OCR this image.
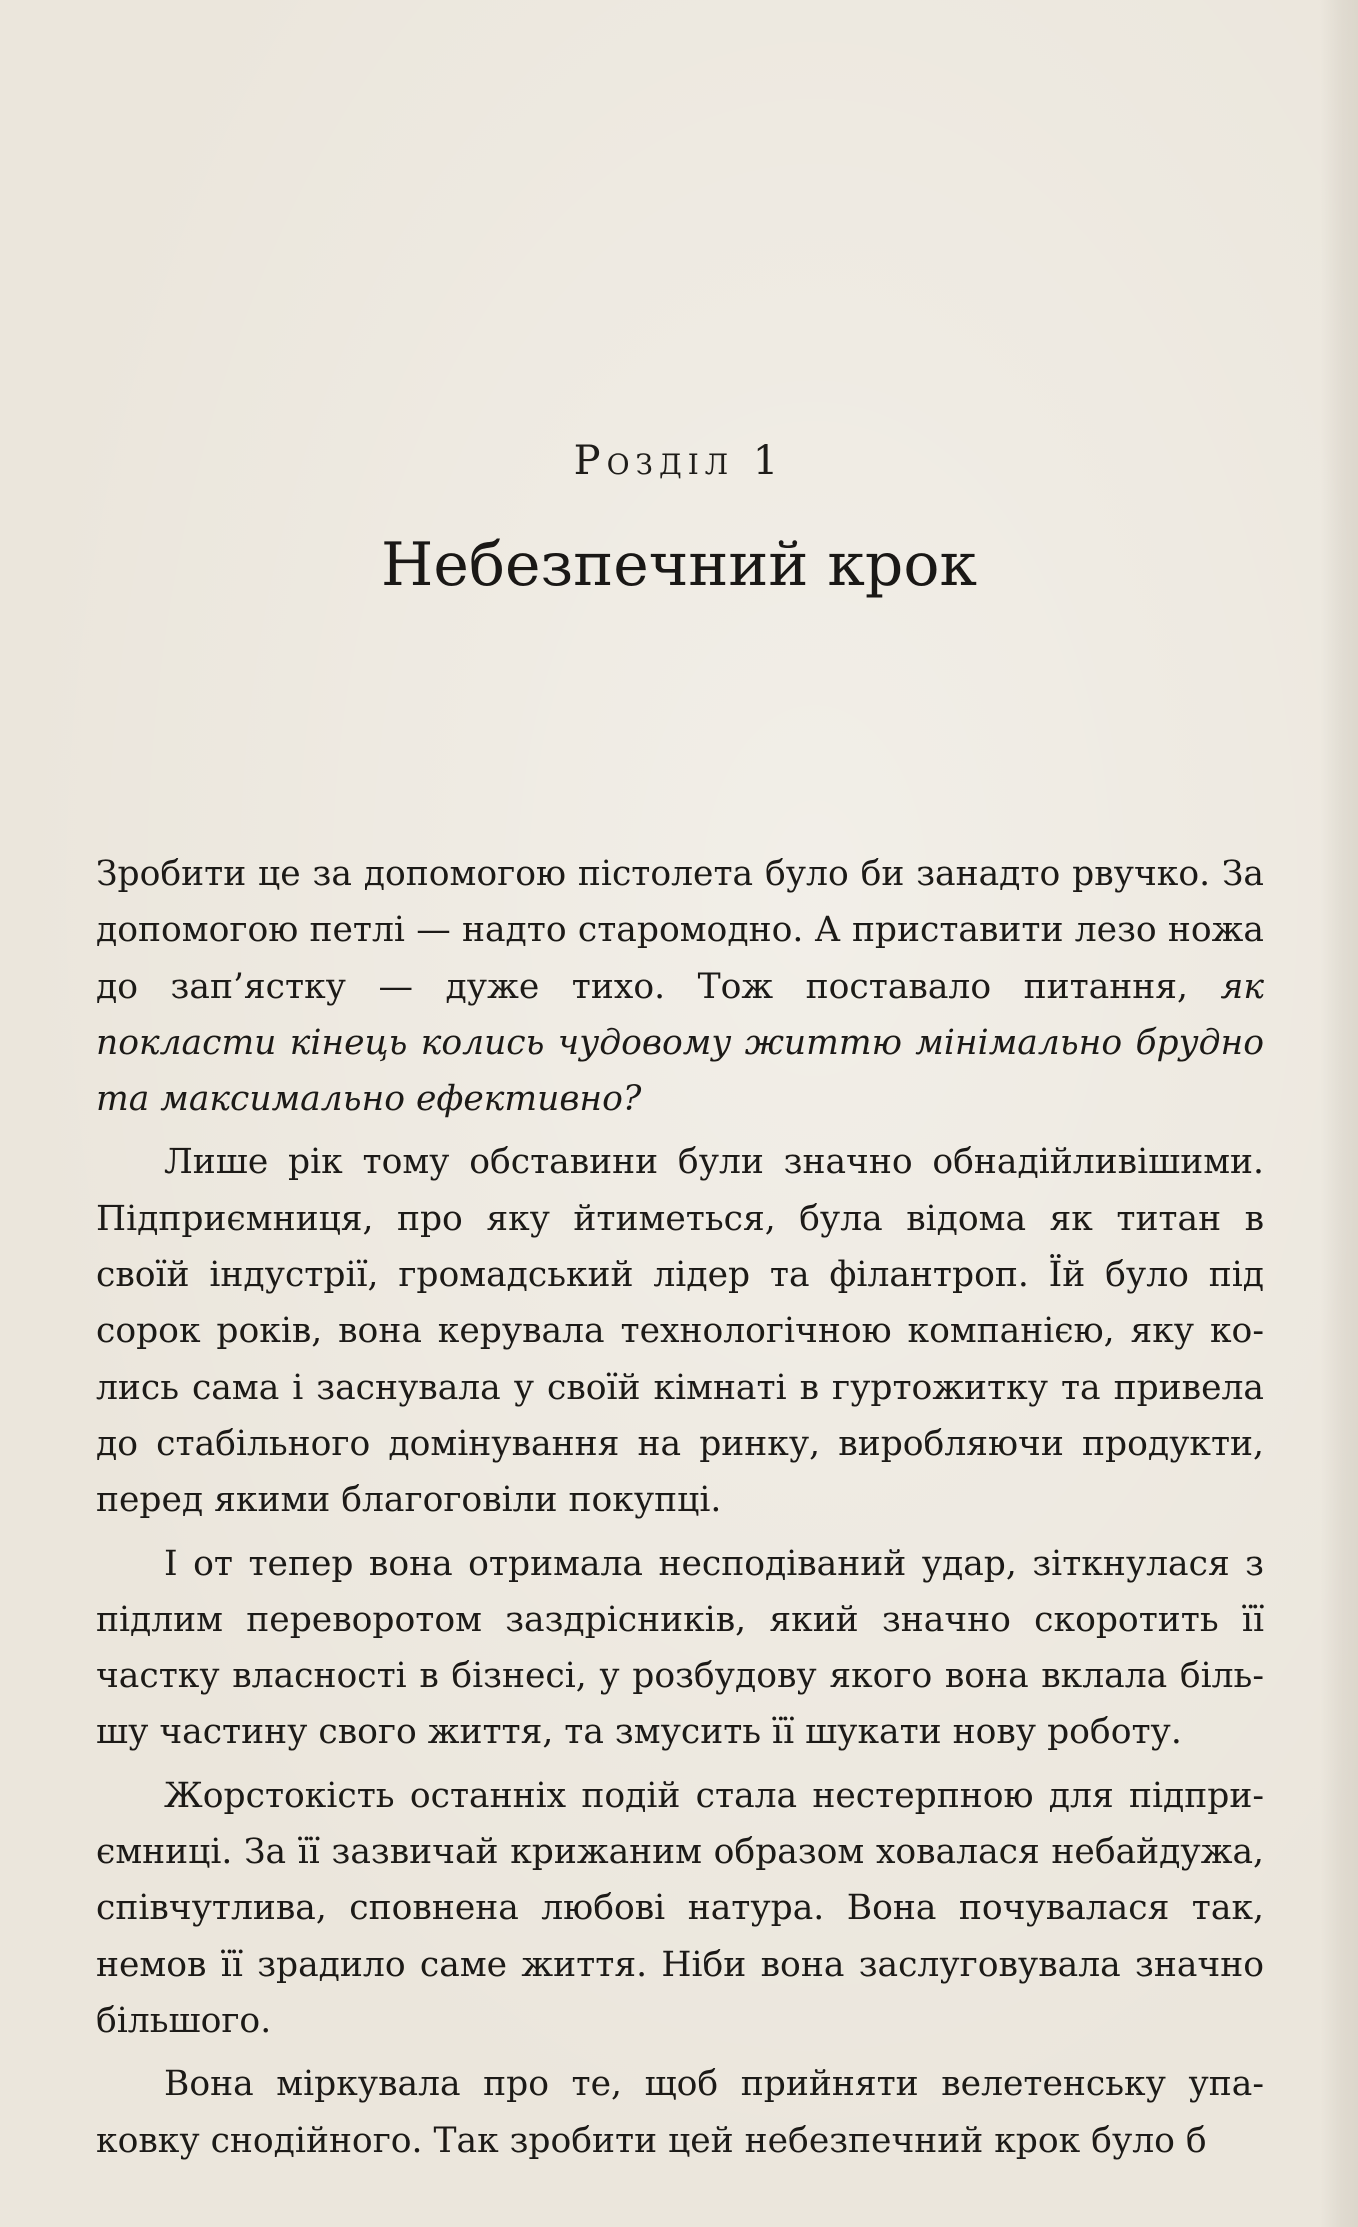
Розділ 1
Небезпечний крок

Зробити це за допомогою пістолета було би занадто рвучко. За допомогою петлі — надто старомодно. А приставити лезо ножа до зап’ястку — дуже тихо. Тож поставало питання, як покласти кінець колись чудовому життю мінімально брудно та максимально ефективно?

Лише рік тому обставини були значно обнадійливішими. Підприємниця, про яку йтиметься, була відома як титан в своїй індустрії, громадський лідер та філантроп. Їй було під сорок років, вона керувала технологічною компанією, яку колись сама і заснувала у своїй кімнаті в гуртожитку та привела до стабільного домінування на ринку, виробляючи продукти, перед якими благоговіли покупці.

І от тепер вона отримала несподіваний удар, зіткнулася з підлим переворотом заздрісників, який значно скоротить її частку власності в бізнесі, у розбудову якого вона вклала більшу частину свого життя, та змусить її шукати нову роботу.

Жорстокість останніх подій стала нестерпною для підприємниці. За її зазвичай крижаним образом ховалася небайдужа, співчутлива, сповнена любові натура. Вона почувалася так, немов її зрадило саме життя. Ніби вона заслуговувала значно більшого.

Вона міркувала про те, щоб прийняти велетенську упаковку снодійного. Так зробити цей небезпечний крок було б
